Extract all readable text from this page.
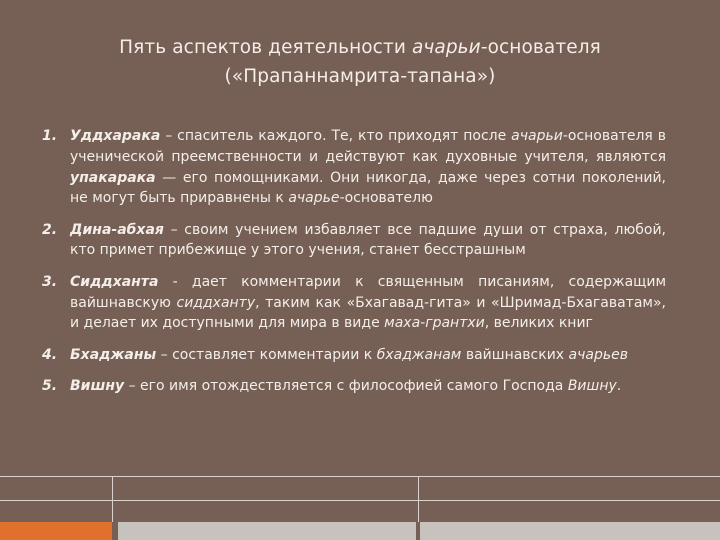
Пять аспектов деятельности ачарьи-основателя
(«Прапаннамрита-тапана»)
1. Уддхарака – спаситель каждого. Те, кто приходят после ачарьи-основателя в ученической преемственности и действуют как духовные учителя, являются упакарака — его помощниками. Они никогда, даже через сотни поколений, не могут быть приравнены к ачарье-основателю
2. Дина-абхая – своим учением избавляет все падшие души от страха, любой, кто примет прибежище у этого учения, станет бесстрашным
3. Сиддханта - дает комментарии к священным писаниям, содержащим вайшнавскую сиддханту, таким как «Бхагавад-гита» и «Шримад-Бхагаватам», и делает их доступными для мира в виде маха-грантхи, великих книг
4. Бхаджаны – составляет комментарии к бхаджанам вайшнавских ачарьев
5. Вишну – его имя отождествляется с философией самого Господа Вишну.
